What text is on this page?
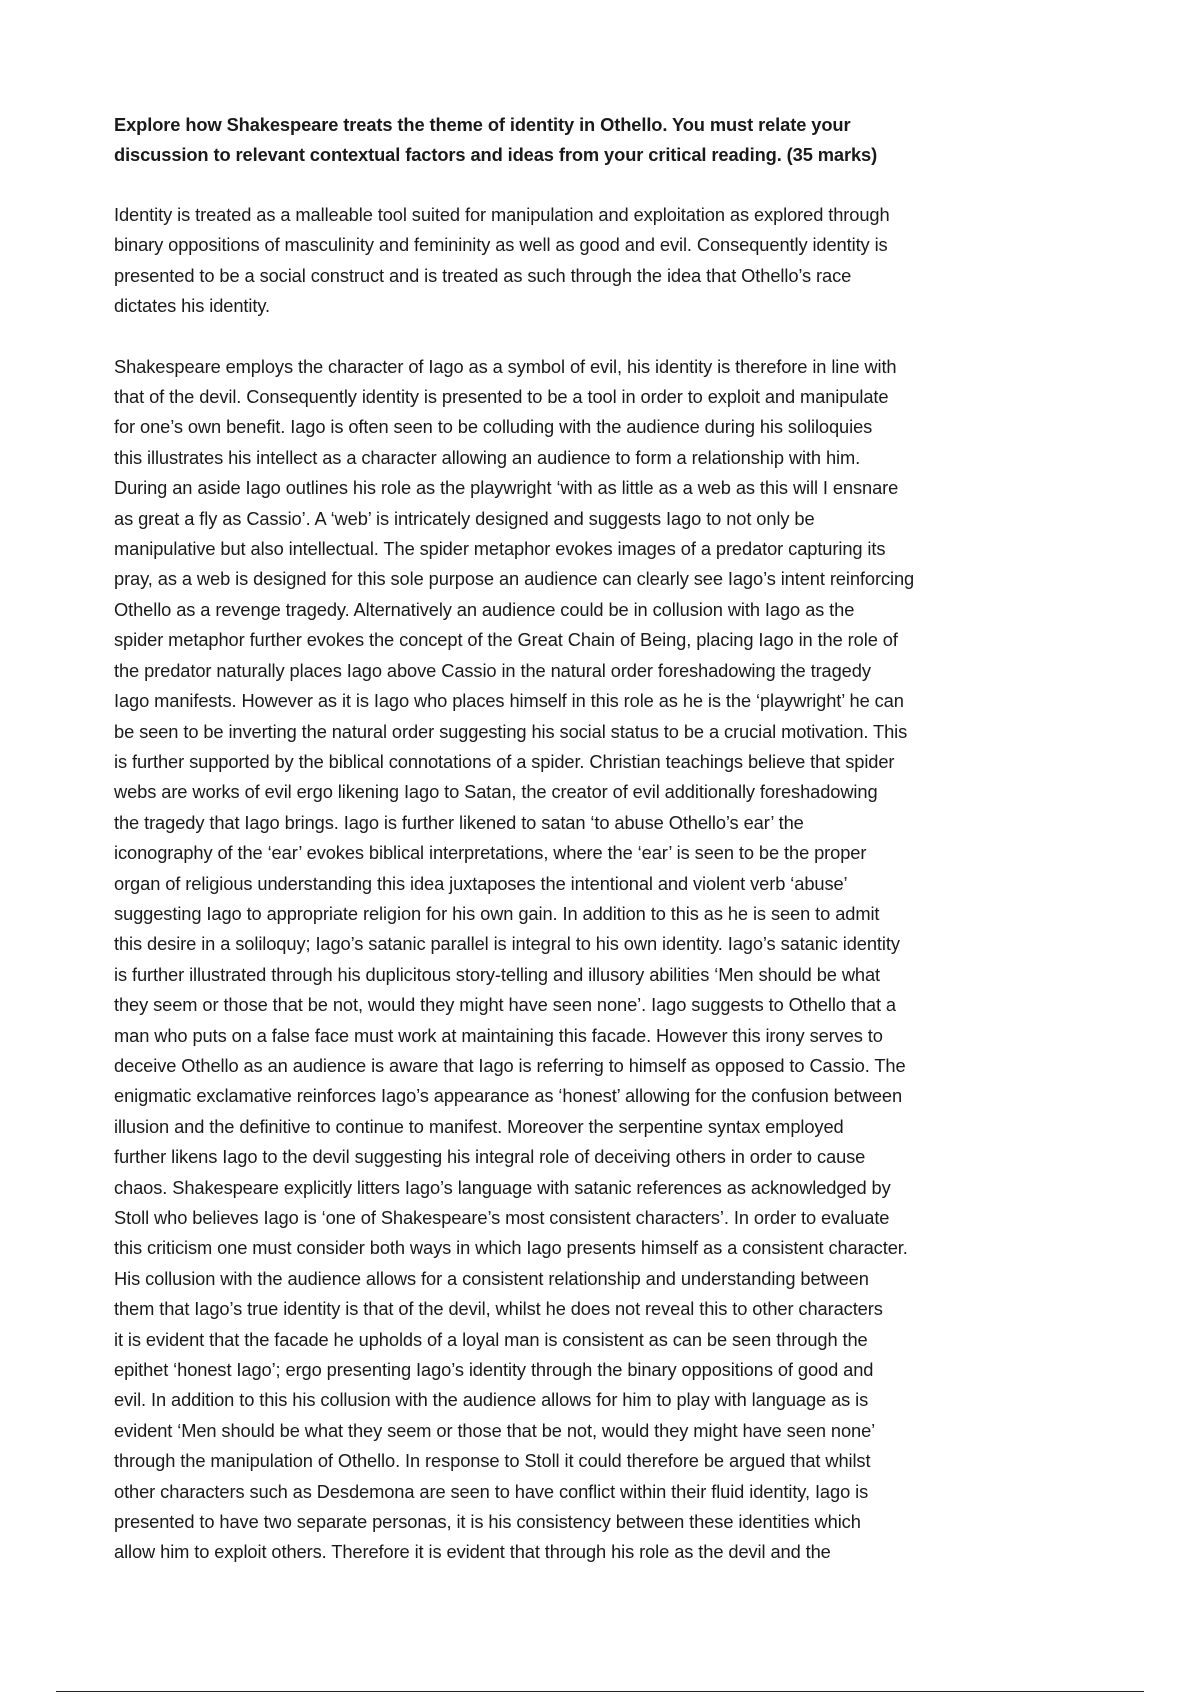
Explore how Shakespeare treats the theme of identity in Othello. You must relate your
discussion to relevant contextual factors and ideas from your critical reading. (35 marks)
Identity is treated as a malleable tool suited for manipulation and exploitation as explored through
binary oppositions of masculinity and femininity as well as good and evil. Consequently identity is
presented to be a social construct and is treated as such through the idea that Othello’s race
dictates his identity.
Shakespeare employs the character of Iago as a symbol of evil, his identity is therefore in line with
that of the devil. Consequently identity is presented to be a tool in order to exploit and manipulate
for one’s own benefit. Iago is often seen to be colluding with the audience during his soliloquies
this illustrates his intellect as a character allowing an audience to form a relationship with him.
During an aside Iago outlines his role as the playwright ‘with as little as a web as this will I ensnare
as great a fly as Cassio’. A ‘web’ is intricately designed and suggests Iago to not only be
manipulative but also intellectual. The spider metaphor evokes images of a predator capturing its
pray, as a web is designed for this sole purpose an audience can clearly see Iago’s intent reinforcing
Othello as a revenge tragedy. Alternatively an audience could be in collusion with Iago as the
spider metaphor further evokes the concept of the Great Chain of Being, placing Iago in the role of
the predator naturally places Iago above Cassio in the natural order foreshadowing the tragedy
Iago manifests. However as it is Iago who places himself in this role as he is the ‘playwright’ he can
be seen to be inverting the natural order suggesting his social status to be a crucial motivation. This
is further supported by the biblical connotations of a spider. Christian teachings believe that spider
webs are works of evil ergo likening Iago to Satan, the creator of evil additionally foreshadowing
the tragedy that Iago brings. Iago is further likened to satan ‘to abuse Othello’s ear’ the
iconography of the ‘ear’ evokes biblical interpretations, where the ‘ear’ is seen to be the proper
organ of religious understanding this idea juxtaposes the intentional and violent verb ‘abuse’
suggesting Iago to appropriate religion for his own gain. In addition to this as he is seen to admit
this desire in a soliloquy; Iago’s satanic parallel is integral to his own identity. Iago’s satanic identity
is further illustrated through his duplicitous story-telling and illusory abilities ‘Men should be what
they seem or those that be not, would they might have seen none’. Iago suggests to Othello that a
man who puts on a false face must work at maintaining this facade. However this irony serves to
deceive Othello as an audience is aware that Iago is referring to himself as opposed to Cassio. The
enigmatic exclamative reinforces Iago’s appearance as ‘honest’ allowing for the confusion between
illusion and the definitive to continue to manifest. Moreover the serpentine syntax employed
further likens Iago to the devil suggesting his integral role of deceiving others in order to cause
chaos. Shakespeare explicitly litters Iago’s language with satanic references as acknowledged by
Stoll who believes Iago is ‘one of Shakespeare’s most consistent characters’. In order to evaluate
this criticism one must consider both ways in which Iago presents himself as a consistent character.
His collusion with the audience allows for a consistent relationship and understanding between
them that Iago’s true identity is that of the devil, whilst he does not reveal this to other characters
it is evident that the facade he upholds of a loyal man is consistent as can be seen through the
epithet ‘honest Iago’; ergo presenting Iago’s identity through the binary oppositions of good and
evil. In addition to this his collusion with the audience allows for him to play with language as is
evident ‘Men should be what they seem or those that be not, would they might have seen none’
through the manipulation of Othello. In response to Stoll it could therefore be argued that whilst
other characters such as Desdemona are seen to have conflict within their fluid identity, Iago is
presented to have two separate personas, it is his consistency between these identities which
allow him to exploit others. Therefore it is evident that through his role as the devil and the
